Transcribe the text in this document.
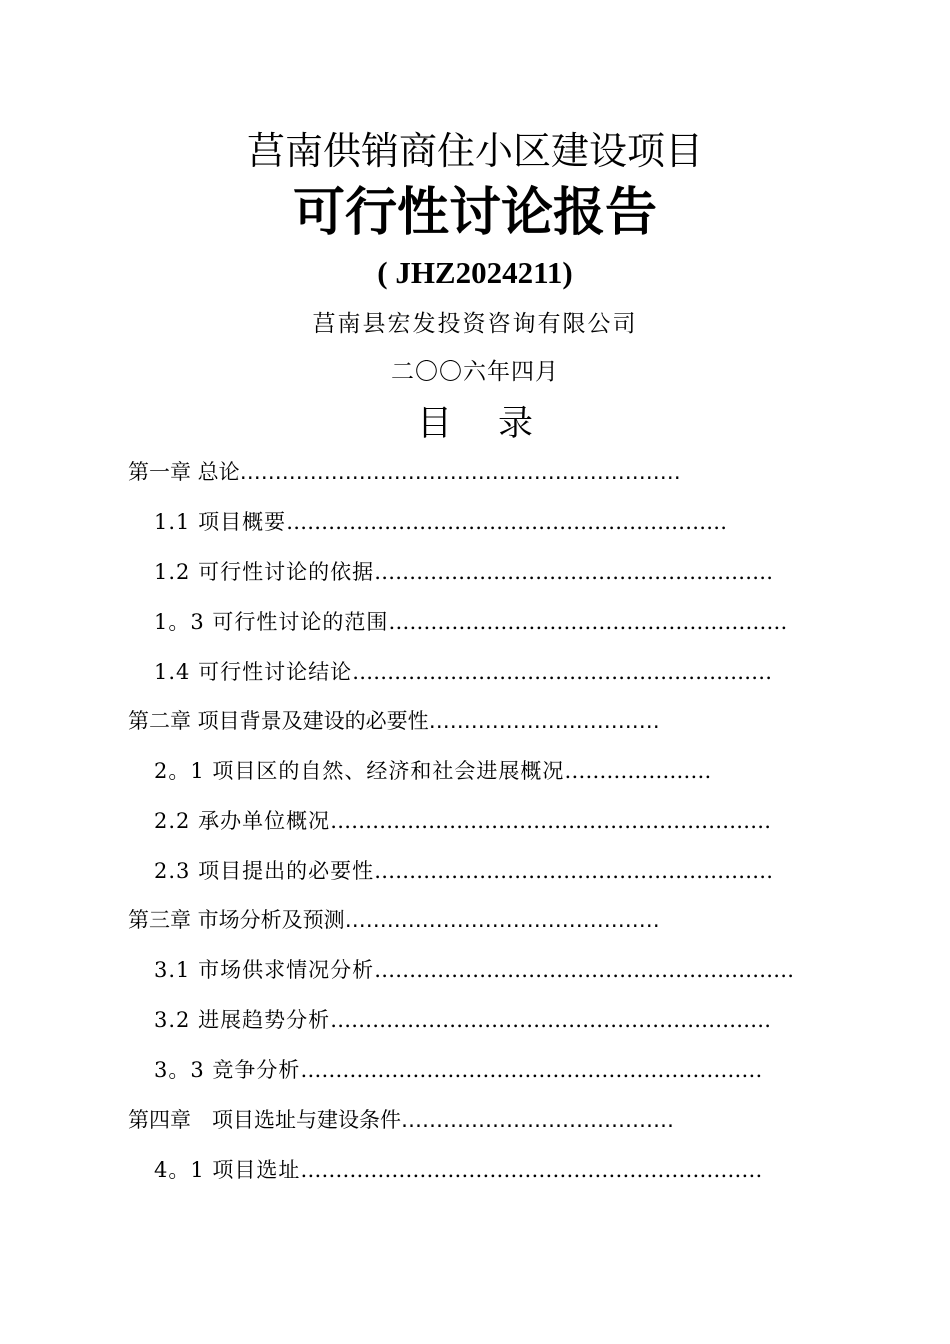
莒南供销商住小区建设项目
可行性讨论报告
( JHZ2024211)
莒南县宏发投资咨询有限公司
二〇〇六年四月
目 录
第一章 总论………………………………………………………
1.1 项目概要………………………………………………………
1.2 可行性讨论的依据…………………………………………………
1。3 可行性讨论的范围…………………………………………………
1.4 可行性讨论结论……………………………………………………
第二章 项目背景及建设的必要性……………………………
2。1 项目区的自然、经济和社会进展概况…………………
2.2 承办单位概况………………………………………………………
2.3 项目提出的必要性…………………………………………………
第三章 市场分析及预测………………………………………
3.1 市场供求情况分析……………………………………………………
3.2 进展趋势分析………………………………………………………
3。3 竞争分析…………………………………………………………
第四章　项目选址与建设条件…………………………………
4。1 项目选址…………………………………………………………
